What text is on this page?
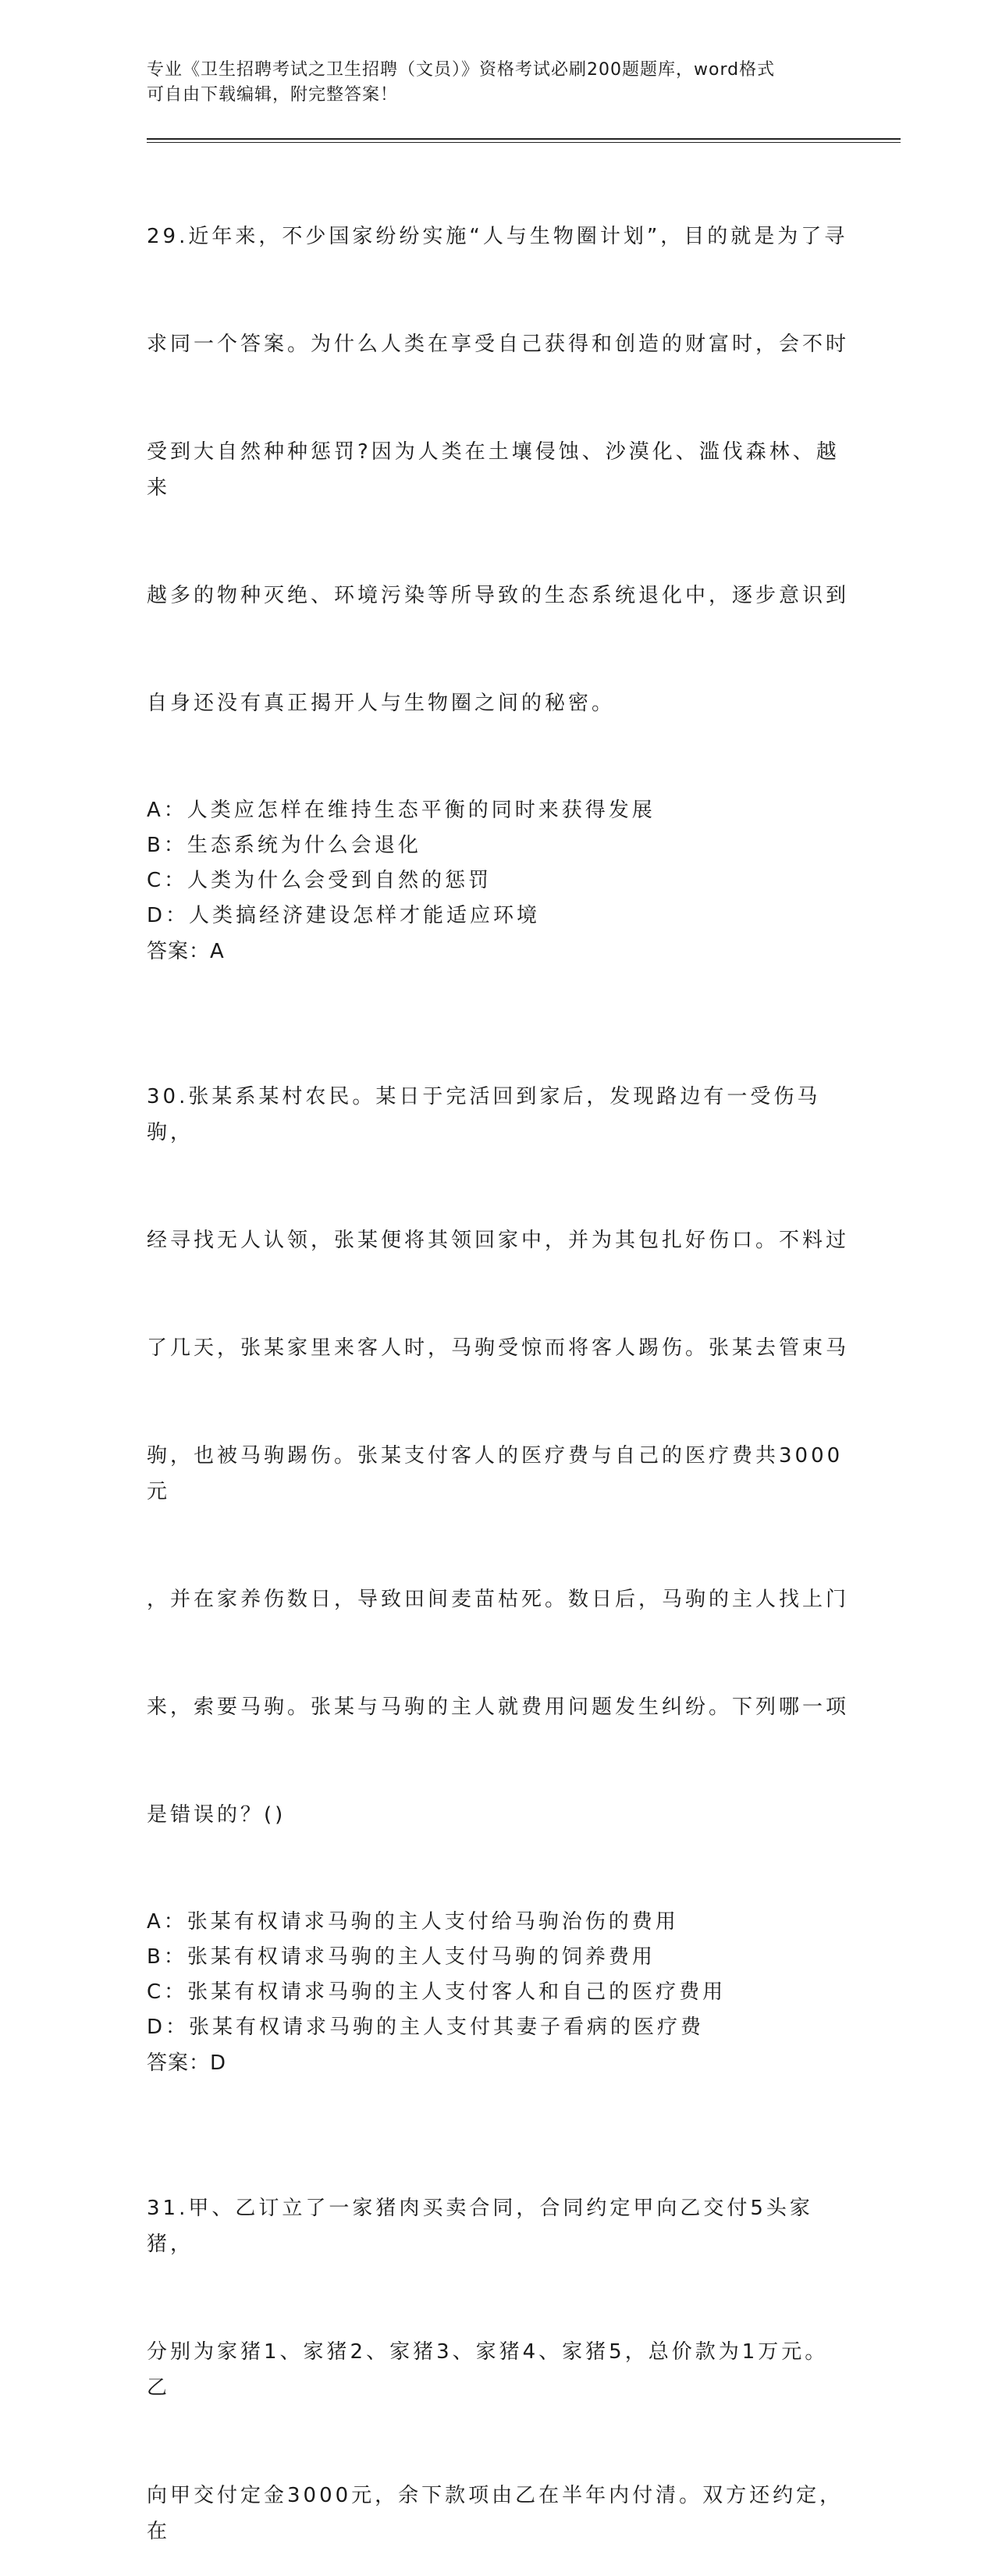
专业《卫生招聘考试之卫生招聘（文员）》资格考试必刷200题题库，word格式
可自由下载编辑，附完整答案！

29.近年来，不少国家纷纷实施“人与生物圈计划”，目的就是为了寻

求同一个答案。为什么人类在享受自己获得和创造的财富时，会不时

受到大自然种种惩罚?因为人类在土壤侵蚀、沙漠化、滥伐森林、越来

越多的物种灭绝、环境污染等所导致的生态系统退化中，逐步意识到

自身还没有真正揭开人与生物圈之间的秘密。

A：人类应怎样在维持生态平衡的同时来获得发展
B：生态系统为什么会退化
C：人类为什么会受到自然的惩罚
D：人类搞经济建设怎样才能适应环境
答案：A

30.张某系某村农民。某日于完活回到家后，发现路边有一受伤马驹，

经寻找无人认领，张某便将其领回家中，并为其包扎好伤口。不料过

了几天，张某家里来客人时，马驹受惊而将客人踢伤。张某去管束马

驹，也被马驹踢伤。张某支付客人的医疗费与自己的医疗费共3000元

，并在家养伤数日，导致田间麦苗枯死。数日后，马驹的主人找上门

来，索要马驹。张某与马驹的主人就费用问题发生纠纷。下列哪一项

是错误的？()

A：张某有权请求马驹的主人支付给马驹治伤的费用
B：张某有权请求马驹的主人支付马驹的饲养费用
C：张某有权请求马驹的主人支付客人和自己的医疗费用
D：张某有权请求马驹的主人支付其妻子看病的医疗费
答案：D

31.甲、乙订立了一家猪肉买卖合同，合同约定甲向乙交付5头家猪，

分别为家猪1、家猪2、家猪3、家猪4、家猪5，总价款为1万元。乙

向甲交付定金3000元，余下款项由乙在半年内付清。双方还约定，在
